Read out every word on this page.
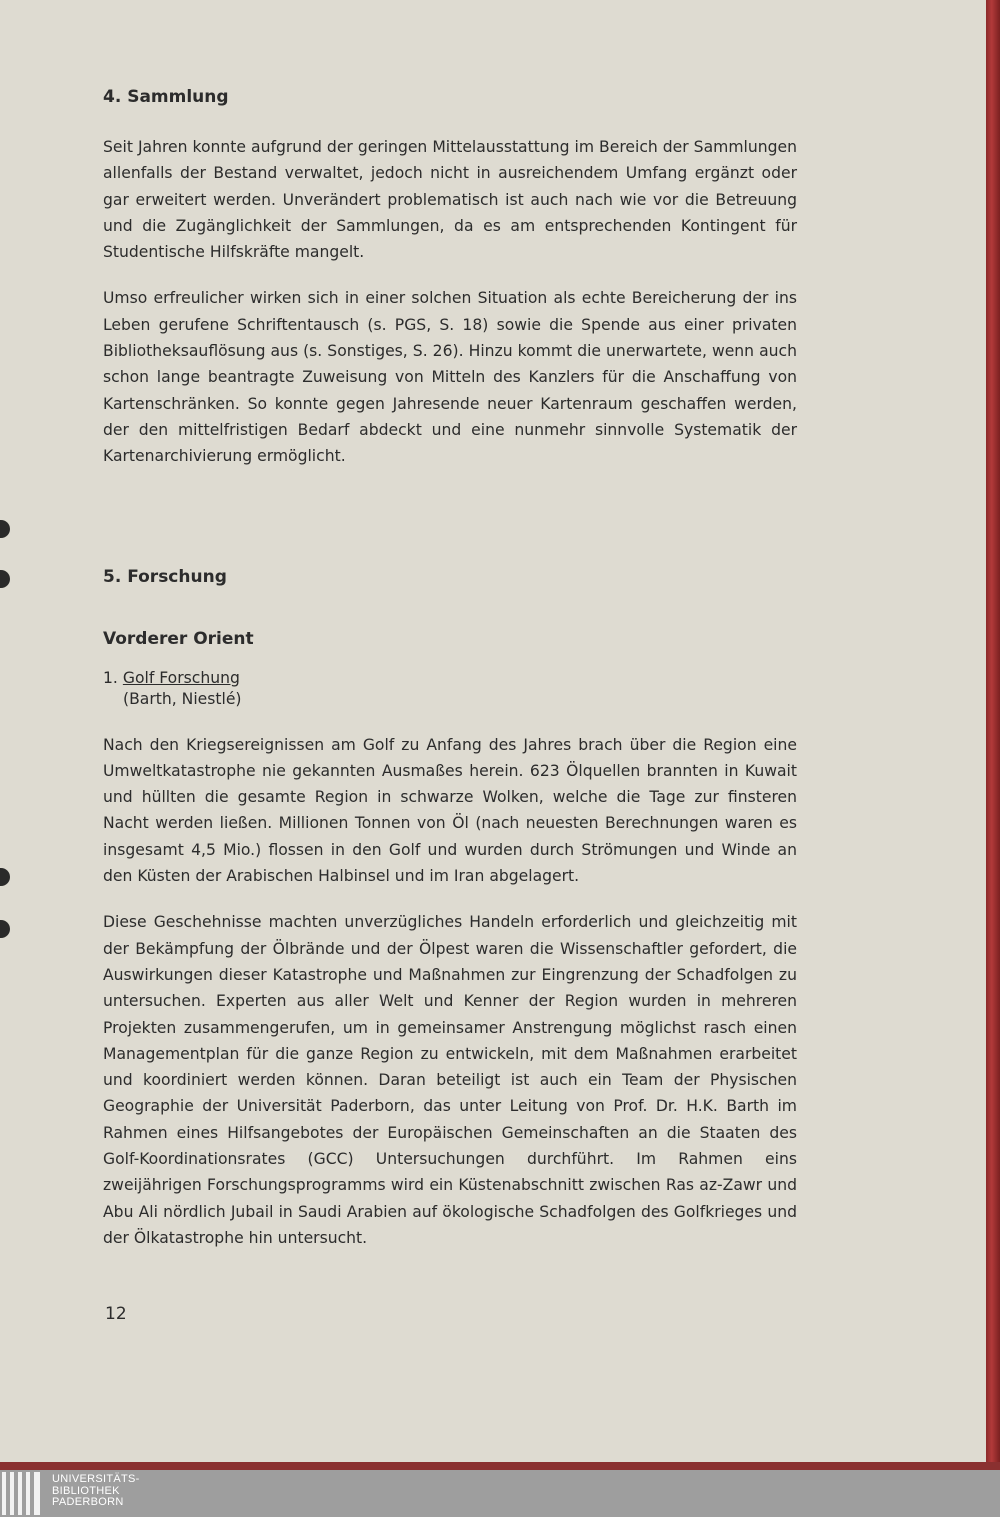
4. Sammlung

Seit Jahren konnte aufgrund der geringen Mittelausstattung im Bereich der Sammlungen allenfalls der Bestand verwaltet, jedoch nicht in ausreichendem Umfang ergänzt oder gar erweitert werden. Unverändert problematisch ist auch nach wie vor die Betreuung und die Zugänglichkeit der Sammlungen, da es am entsprechenden Kontingent für Studentische Hilfskräfte mangelt.

Umso erfreulicher wirken sich in einer solchen Situation als echte Bereicherung der ins Leben gerufene Schriftentausch (s. PGS, S. 18) sowie die Spende aus einer privaten Bibliotheksauflösung aus (s. Sonstiges, S. 26). Hinzu kommt die unerwartete, wenn auch schon lange beantragte Zuweisung von Mitteln des Kanzlers für die Anschaffung von Kartenschränken. So konnte gegen Jahresende neuer Kartenraum geschaffen werden, der den mittelfristigen Bedarf abdeckt und eine nunmehr sinnvolle Systematik der Kartenarchivierung ermöglicht.

5. Forschung
Vorderer Orient
1. Golf Forschung
(Barth, Niestlé)

Nach den Kriegsereignissen am Golf zu Anfang des Jahres brach über die Region eine Umweltkatastrophe nie gekannten Ausmaßes herein. 623 Ölquellen brannten in Kuwait und hüllten die gesamte Region in schwarze Wolken, welche die Tage zur finsteren Nacht werden ließen. Millionen Tonnen von Öl (nach neuesten Berechnungen waren es insgesamt 4,5 Mio.) flossen in den Golf und wurden durch Strömungen und Winde an den Küsten der Arabischen Halbinsel und im Iran abgelagert.

Diese Geschehnisse machten unverzügliches Handeln erforderlich und gleichzeitig mit der Bekämpfung der Ölbrände und der Ölpest waren die Wissenschaftler gefordert, die Auswirkungen dieser Katastrophe und Maßnahmen zur Eingrenzung der Schadfolgen zu untersuchen. Experten aus aller Welt und Kenner der Region wurden in mehreren Projekten zusammengerufen, um in gemeinsamer Anstrengung möglichst rasch einen Managementplan für die ganze Region zu entwickeln, mit dem Maßnahmen erarbeitet und koordiniert werden können. Daran beteiligt ist auch ein Team der Physischen Geographie der Universität Paderborn, das unter Leitung von Prof. Dr. H.K. Barth im Rahmen eines Hilfsangebotes der Europäischen Gemeinschaften an die Staaten des Golf-Koordinationsrates (GCC) Untersuchungen durchführt. Im Rahmen eins zweijährigen Forschungsprogramms wird ein Küstenabschnitt zwischen Ras az-Zawr und Abu Ali nördlich Jubail in Saudi Arabien auf ökologische Schadfolgen des Golfkrieges und der Ölkatastrophe hin untersucht.

12
UNIVERSITÄTS-
BIBLIOTHEK
PADERBORN
